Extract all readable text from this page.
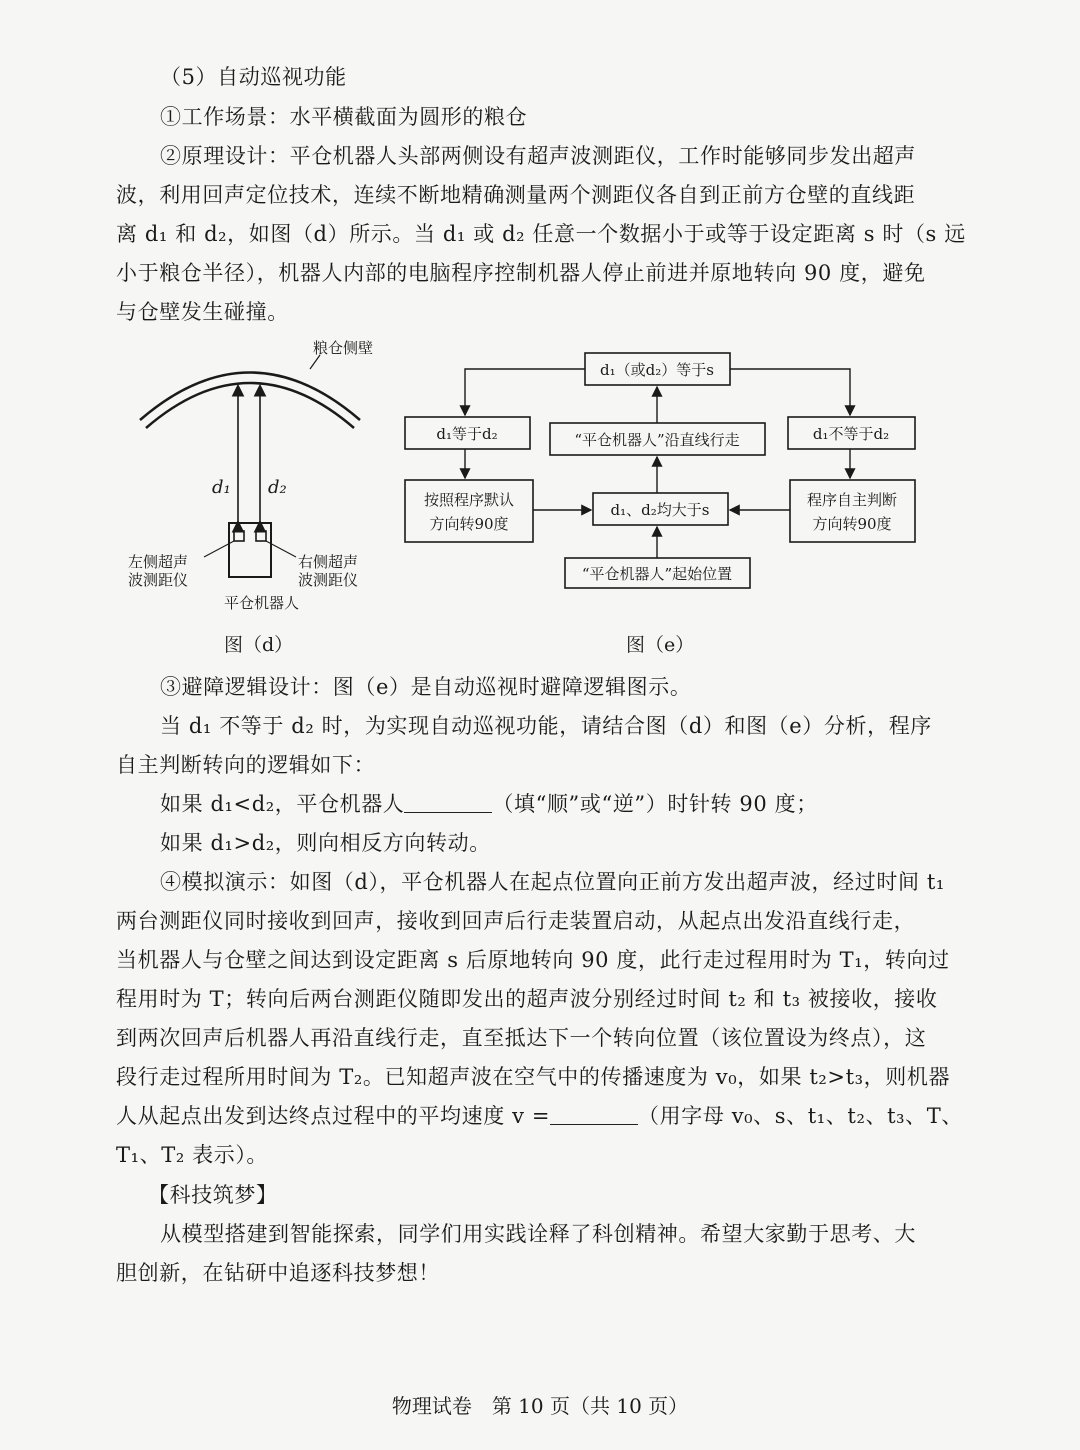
（5）自动巡视功能
①工作场景：水平横截面为圆形的粮仓
②原理设计：平仓机器人头部两侧设有超声波测距仪，工作时能够同步发出超声
波，利用回声定位技术，连续不断地精确测量两个测距仪各自到正前方仓壁的直线距
离 d₁ 和 d₂，如图（d）所示。当 d₁ 或 d₂ 任意一个数据小于或等于设定距离 s 时（s 远
小于粮仓半径），机器人内部的电脑程序控制机器人停止前进并原地转向 90 度，避免
与仓壁发生碰撞。
粮仓侧壁
d₁ d₂
左侧超声
波测距仪
右侧超声
波测距仪
平仓机器人
图（d）
d₁（或d₂）等于s
d₁等于d₂	“平仓机器人”沿直线行走	d₁不等于d₂
按照程序默认
方向转90度
d₁、d₂均大于s
程序自主判断
方向转90度
“平仓机器人”起始位置
图（e）
③避障逻辑设计：图（e）是自动巡视时避障逻辑图示。
当 d₁ 不等于 d₂ 时，为实现自动巡视功能，请结合图（d）和图（e）分析，程序
自主判断转向的逻辑如下：
如果 d₁<d₂，平仓机器人	（填“顺”或“逆”）时针转 90 度；
如果 d₁>d₂，则向相反方向转动。
④模拟演示：如图（d），平仓机器人在起点位置向正前方发出超声波，经过时间 t₁
两台测距仪同时接收到回声，接收到回声后行走装置启动，从起点出发沿直线行走，
当机器人与仓壁之间达到设定距离 s 后原地转向 90 度，此行走过程用时为 T₁，转向过
程用时为 T；转向后两台测距仪随即发出的超声波分别经过时间 t₂ 和 t₃ 被接收，接收
到两次回声后机器人再沿直线行走，直至抵达下一个转向位置（该位置设为终点），这
段行走过程所用时间为 T₂。已知超声波在空气中的传播速度为 v₀，如果 t₂>t₃，则机器
人从起点出发到达终点过程中的平均速度 v =	（用字母 v₀、s、t₁、t₂、t₃、T、
T₁、T₂ 表示）。
【科技筑梦】
从模型搭建到智能探索，同学们用实践诠释了科创精神。希望大家勤于思考、大
胆创新，在钻研中追逐科技梦想！
物理试卷　第 10 页（共 10 页）
